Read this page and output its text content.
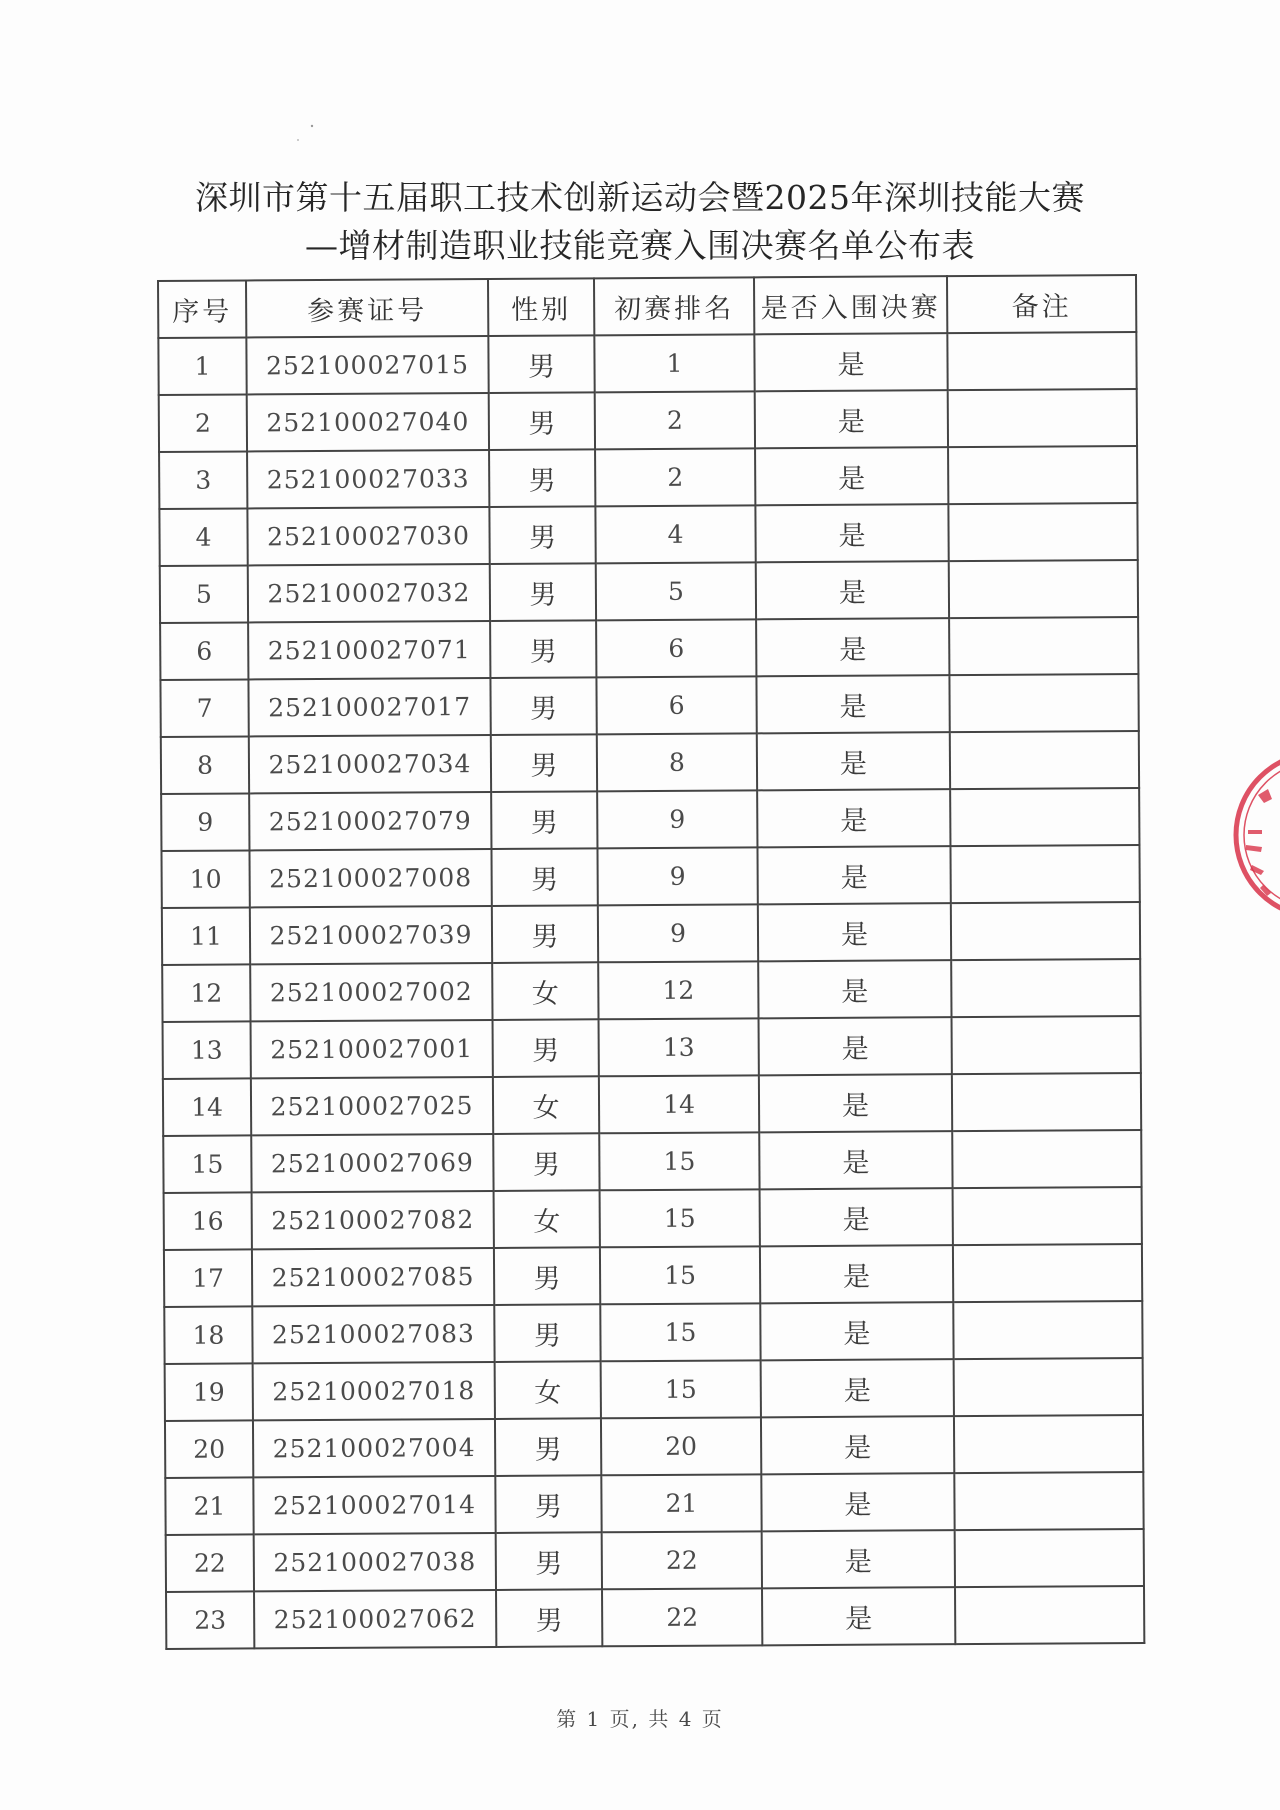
深圳市第十五届职工技术创新运动会暨2025年深圳技能大赛
—增材制造职业技能竞赛入围决赛名单公布表
序号	参赛证号	性别	初赛排名	是否入围决赛	备注
1	252100027015	男	1	是	
2	252100027040	男	2	是	
3	252100027033	男	2	是	
4	252100027030	男	4	是	
5	252100027032	男	5	是	
6	252100027071	男	6	是	
7	252100027017	男	6	是	
8	252100027034	男	8	是	
9	252100027079	男	9	是	
10	252100027008	男	9	是	
11	252100027039	男	9	是	
12	252100027002	女	12	是	
13	252100027001	男	13	是	
14	252100027025	女	14	是	
15	252100027069	男	15	是	
16	252100027082	女	15	是	
17	252100027085	男	15	是	
18	252100027083	男	15	是	
19	252100027018	女	15	是	
20	252100027004	男	20	是	
21	252100027014	男	21	是	
22	252100027038	男	22	是	
23	252100027062	男	22	是	
第 1 页, 共 4 页
